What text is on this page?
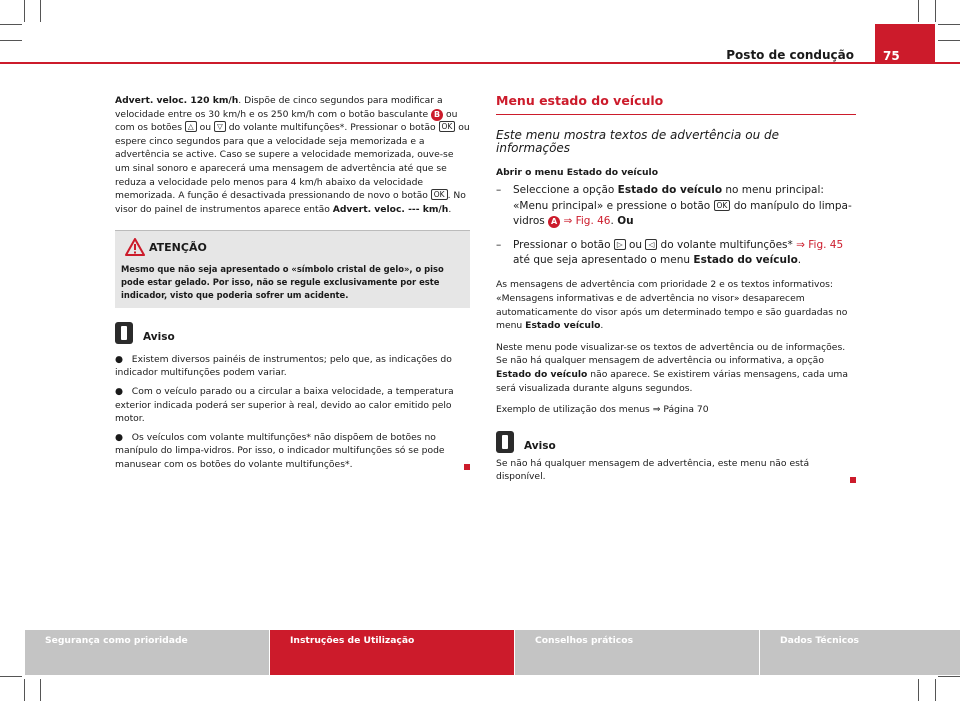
Posto de condução 75

Advert. veloc. 120 km/h. Dispõe de cinco segundos para modificar a velocidade entre os 30 km/h e os 250 km/h com o botão basculante B ou com os botões △ ou ▽ do volante multifunções*. Pressionar o botão OK ou espere cinco segundos para que a velocidade seja memorizada e a advertência se active. Caso se supere a velocidade memorizada, ouve-se um sinal sonoro e aparecerá uma mensagem de advertência até que se reduza a velocidade pelo menos para 4 km/h abaixo da velocidade memorizada. A função é desactivada pressionando de novo o botão OK . No visor do painel de instrumentos aparece então Advert. veloc. --- km/h.

ATENÇÃO
Mesmo que não seja apresentado o «símbolo cristal de gelo», o piso pode estar gelado. Por isso, não se regule exclusivamente por este indicador, visto que poderia sofrer um acidente.
Aviso

●   Existem diversos painéis de instrumentos; pelo que, as indicações do indicador multifunções podem variar.

●   Com o veículo parado ou a circular a baixa velocidade, a temperatura exterior indicada poderá ser superior à real, devido ao calor emitido pelo motor.

●   Os veículos com volante multifunções* não dispõem de botões no manípulo do limpa-vidros. Por isso, o indicador multifunções só se pode manusear com os botões do volante multifunções*.

Menu estado do veículo
Este menu mostra textos de advertência ou de informações
Abrir o menu Estado do veículo
– Seleccione a opção Estado do veículo no menu principal: «Menu principal» e pressione o botão OK do manípulo do limpa-vidros A ⇒ Fig. 46. Ou
– Pressionar o botão ▷ ou ◁ do volante multifunções* ⇒ Fig. 45 até que seja apresentado o menu Estado do veículo.

As mensagens de advertência com prioridade 2 e os textos informativos: «Mensagens informativas e de advertência no visor» desaparecem automaticamente do visor após um determinado tempo e são guardadas no menu Estado veículo.

Neste menu pode visualizar-se os textos de advertência ou de informações. Se não há qualquer mensagem de advertência ou informativa, a opção Estado do veículo não aparece. Se existirem várias mensagens, cada uma será visualizada durante alguns segundos.

Exemplo de utilização dos menus ⇒ Página 70

Aviso

Se não há qualquer mensagem de advertência, este menu não está disponível.

Segurança como prioridade	Instruções de Utilização	Conselhos práticos	Dados Técnicos
